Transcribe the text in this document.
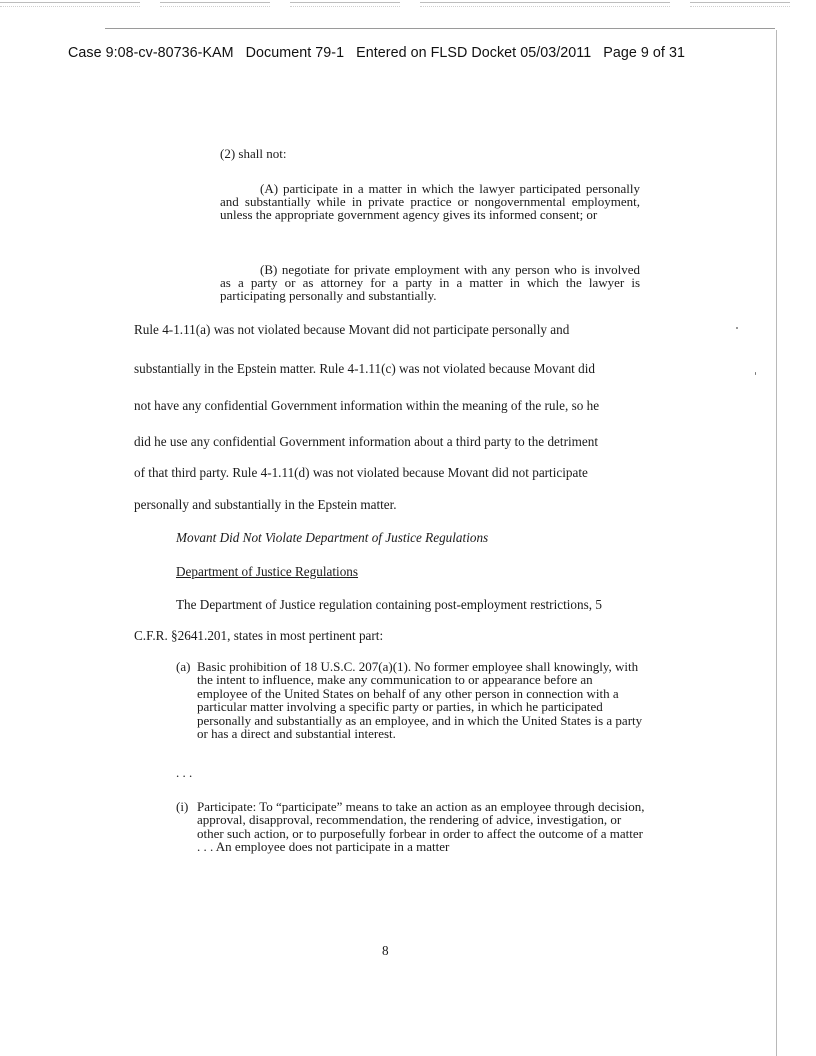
Case 9:08-cv-80736-KAM Document 79-1 Entered on FLSD Docket 05/03/2011 Page 9 of 31

(2) shall not:

(A) participate in a matter in which the lawyer participated personally and substantially while in private practice or nongovernmental employment, unless the appropriate government agency gives its informed consent; or

(B) negotiate for private employment with any person who is involved as a party or as attorney for a party in a matter in which the lawyer is participating personally and substantially.

Rule 4-1.11(a) was not violated because Movant did not participate personally and
substantially in the Epstein matter. Rule 4-1.11(c) was not violated because Movant did
not have any confidential Government information within the meaning of the rule, so he
did he use any confidential Government information about a third party to the detriment
of that third party. Rule 4-1.11(d) was not violated because Movant did not participate
personally and substantially in the Epstein matter.
Movant Did Not Violate Department of Justice Regulations
Department of Justice Regulations
The Department of Justice regulation containing post-employment restrictions, 5
C.F.R. §2641.201, states in most pertinent part:
(a) Basic prohibition of 18 U.S.C. 207(a)(1). No former employee shall knowingly, with the intent to influence, make any communication to or appearance before an employee of the United States on behalf of any other person in connection with a particular matter involving a specific party or parties, in which he participated personally and substantially as an employee, and in which the United States is a party or has a direct and substantial interest.

. . .

(i) Participate: To “participate” means to take an action as an employee through decision, approval, disapproval, recommendation, the rendering of advice, investigation, or other such action, or to purposefully forbear in order to affect the outcome of a matter . . . An employee does not participate in a matter
8
